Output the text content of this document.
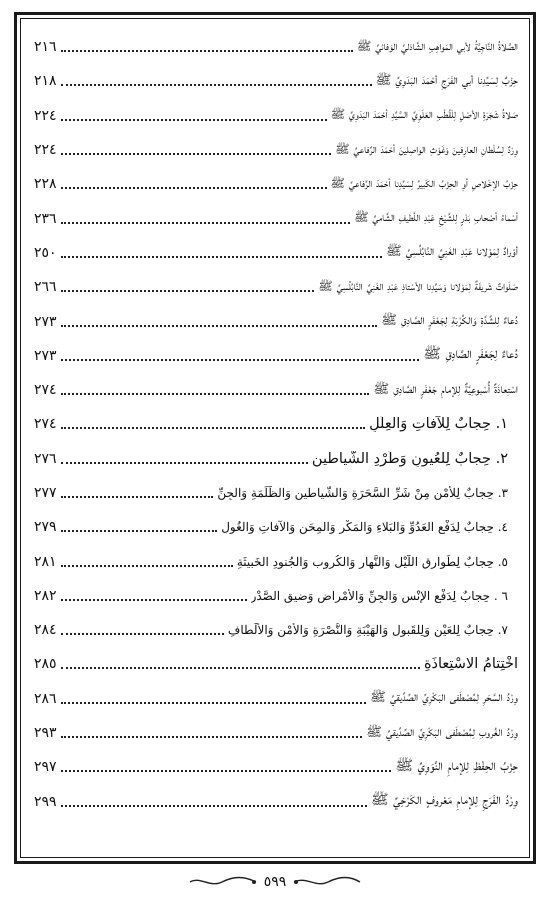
الصَّلاةُ النَّاجِيَّةُ لأبي المَواهِبِ الشَّاذليِّ الوَفائيِّ ﷺ
٢١٦
حِزْبٌ لِسَيِّدِنا أبي الفَرَجِ أحْمَدَ البَدَوِيِّ ﷺ
٢١٨
صَلاةُ شَجَرَةِ الأصْلِ لِلْقُطْبِ العَلَوِيِّ السَّيِّدِ أحْمَدَ البَدَوِيِّ ﷺ
٢٢٤
وِرْدٌ لِسُلْطانِ العارِفينَ وَغَوْثِ الواصِلينَ أحْمَدَ الرِّفاعيِّ ﷺ
٢٢٤
حِزْبُ الإخْلاصِ أوِ الحِزْبُ الكَبيرُ لِسَيِّدِنا أحْمَدَ الرِّفاعيِّ ﷺ
٢٢٨
أسْماءُ أصْحابِ بَدْرٍ لِلشَّيْخِ عَبْدِ اللَّطيفِ الشَّاميِّ ﷺ
٢٣٦
أوْرادٌ لِمَوْلانا عَبْدِ الغَنِيِّ النَّابُلُسِيِّ ﷺ
٢٥٠
صَلَواتٌ شَريفَةٌ لِمَوْلانا وَسَيِّدِنا الأسْتاذِ عَبْدِ الغَنِيِّ النَّابُلُسِيِّ ﷺ
٢٦٦
دُعاءٌ لِلشِّدَّةِ وَالكُرْبَةِ لِجَعْفَرٍ الصَّادِقِ ﷺ
٢٧٣
دُعاءٌ لِجَعْفَرٍ الصَّادِقِ ﷺ
٢٧٣
اسْتِعاذَةٌ أُسْبوعِيَّةٌ لِلإمامِ جَعْفَرٍ الصَّادِقِ ﷺ
٢٧٤
١. حِجابٌ لِلآفاتِ وَالعِلَلِ
٢٧٤
٢. حِجابٌ لِلعُيونِ وَطَرْدِ الشَّياطينِ
٢٧٦
٣. حِجابٌ لِلأمْنِ مِنْ شَرِّ السَّحَرَةِ وَالشَّياطينِ وَالظَّلَمَةِ وَالجِنِّ
٢٧٧
٤. حِجابٌ لِدَفْعِ العَدُوِّ وَالبَلاءِ وَالمَكْرِ وَالمِحَنِ وَالآفاتِ وَالغُولِ
٢٧٩
٥. حِجابٌ لِطَوارِقِ اللَّيْلِ وَالنَّهارِ وَالكُروبِ وَالجُنودِ الخَبيثَةِ
٢٨١
٦ . حِجابٌ لِدَفْعِ الإنْسِ وَالجِنِّ وَالأمْراضِ وَضيقِ الصَّدْرِ
٢٨٢
٧. حِجابٌ لِلعَيْنِ وَلِلقَبولِ وَالهَيْبَةِ وَالنُّصْرَةِ وَالأمْنِ وَالألْطافِ
٢٨٤
اخْتِتامُ الاسْتِعاذَةِ
٢٨٥
وِرْدُ السَّحَرِ لِمُصْطَفى البَكْرِيِّ الصِّدِّيقيِّ ﷺ
٢٨٦
وِرْدُ الغُروبِ لِمُصْطَفى البَكْرِيِّ الصِّدِّيقيِّ ﷺ
٢٩٣
حِزْبُ الحِفْظِ لِلإمامِ النَّوَوِيِّ ﷺ
٢٩٧
وِرْدُ الفَرَجِ لِلإمامِ مَعْروفٍ الكَرْخِيِّ ﷺ
٢٩٩
٥٩٩
